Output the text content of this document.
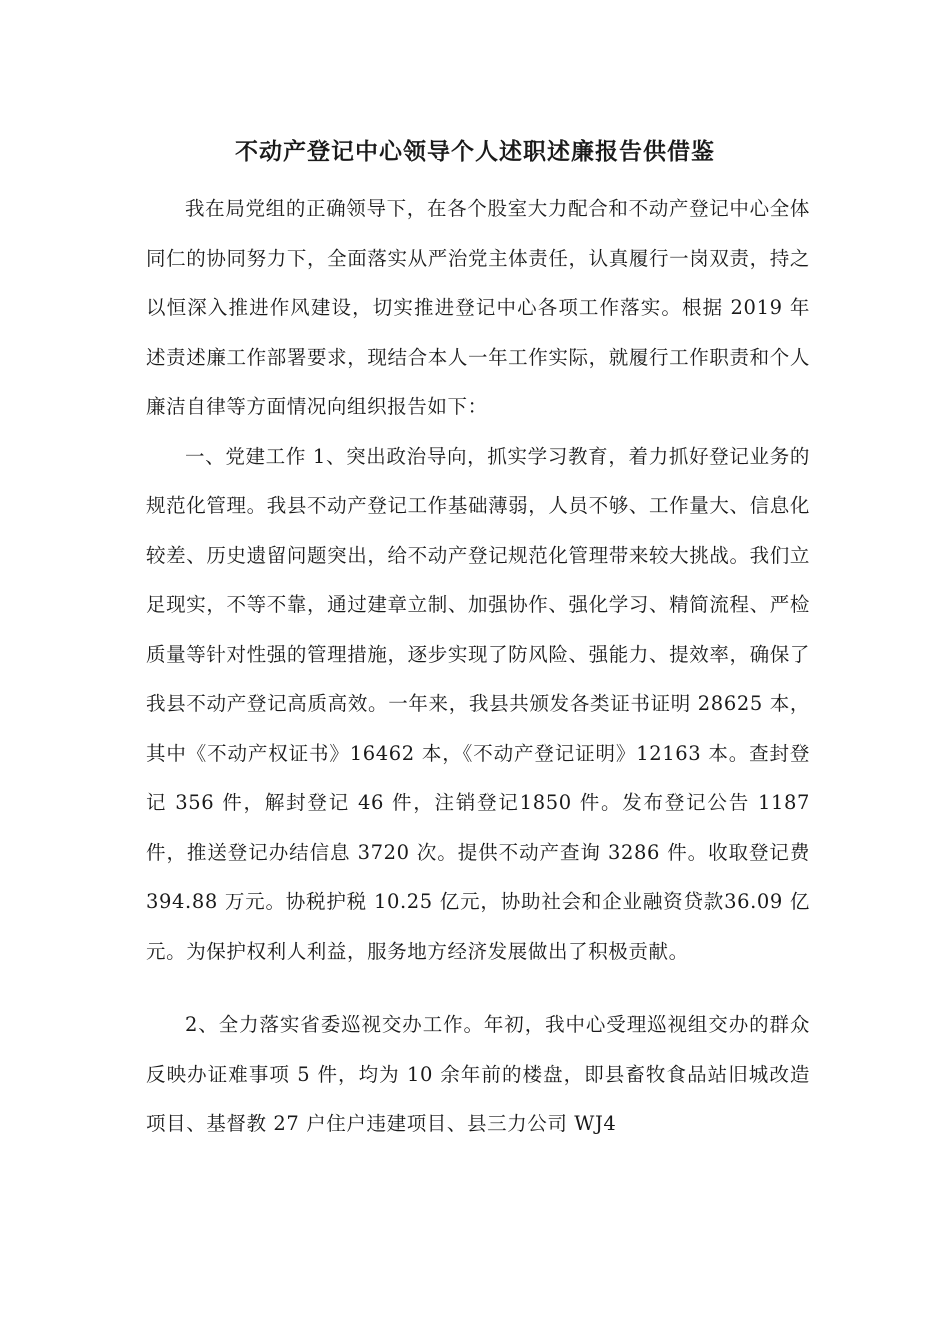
不动产登记中心领导个人述职述廉报告供借鉴

我在局党组的正确领导下，在各个股室大力配合和不动产登记中心全体同仁的协同努力下，全面落实从严治党主体责任，认真履行一岗双责，持之以恒深入推进作风建设，切实推进登记中心各项工作落实。根据 2019 年述责述廉工作部署要求，现结合本人一年工作实际，就履行工作职责和个人廉洁自律等方面情况向组织报告如下：

一、党建工作 1、突出政治导向，抓实学习教育，着力抓好登记业务的规范化管理。我县不动产登记工作基础薄弱，人员不够、工作量大、信息化较差、历史遗留问题突出，给不动产登记规范化管理带来较大挑战。我们立足现实，不等不靠，通过建章立制、加强协作、强化学习、精简流程、严检质量等针对性强的管理措施，逐步实现了防风险、强能力、提效率，确保了我县不动产登记高质高效。一年来，我县共颁发各类证书证明 28625 本，其中《不动产权证书》16462 本，《不动产登记证明》12163 本。查封登记 356 件，解封登记 46 件，注销登记1850 件。发布登记公告 1187 件，推送登记办结信息 3720 次。提供不动产查询 3286 件。收取登记费394.88 万元。协税护税 10.25 亿元，协助社会和企业融资贷款36.09 亿元。为保护权利人利益，服务地方经济发展做出了积极贡献。

2、全力落实省委巡视交办工作。年初，我中心受理巡视组交办的群众反映办证难事项 5 件，均为 10 余年前的楼盘，即县畜牧食品站旧城改造项目、基督教 27 户住户违建项目、县三力公司 WJ4
